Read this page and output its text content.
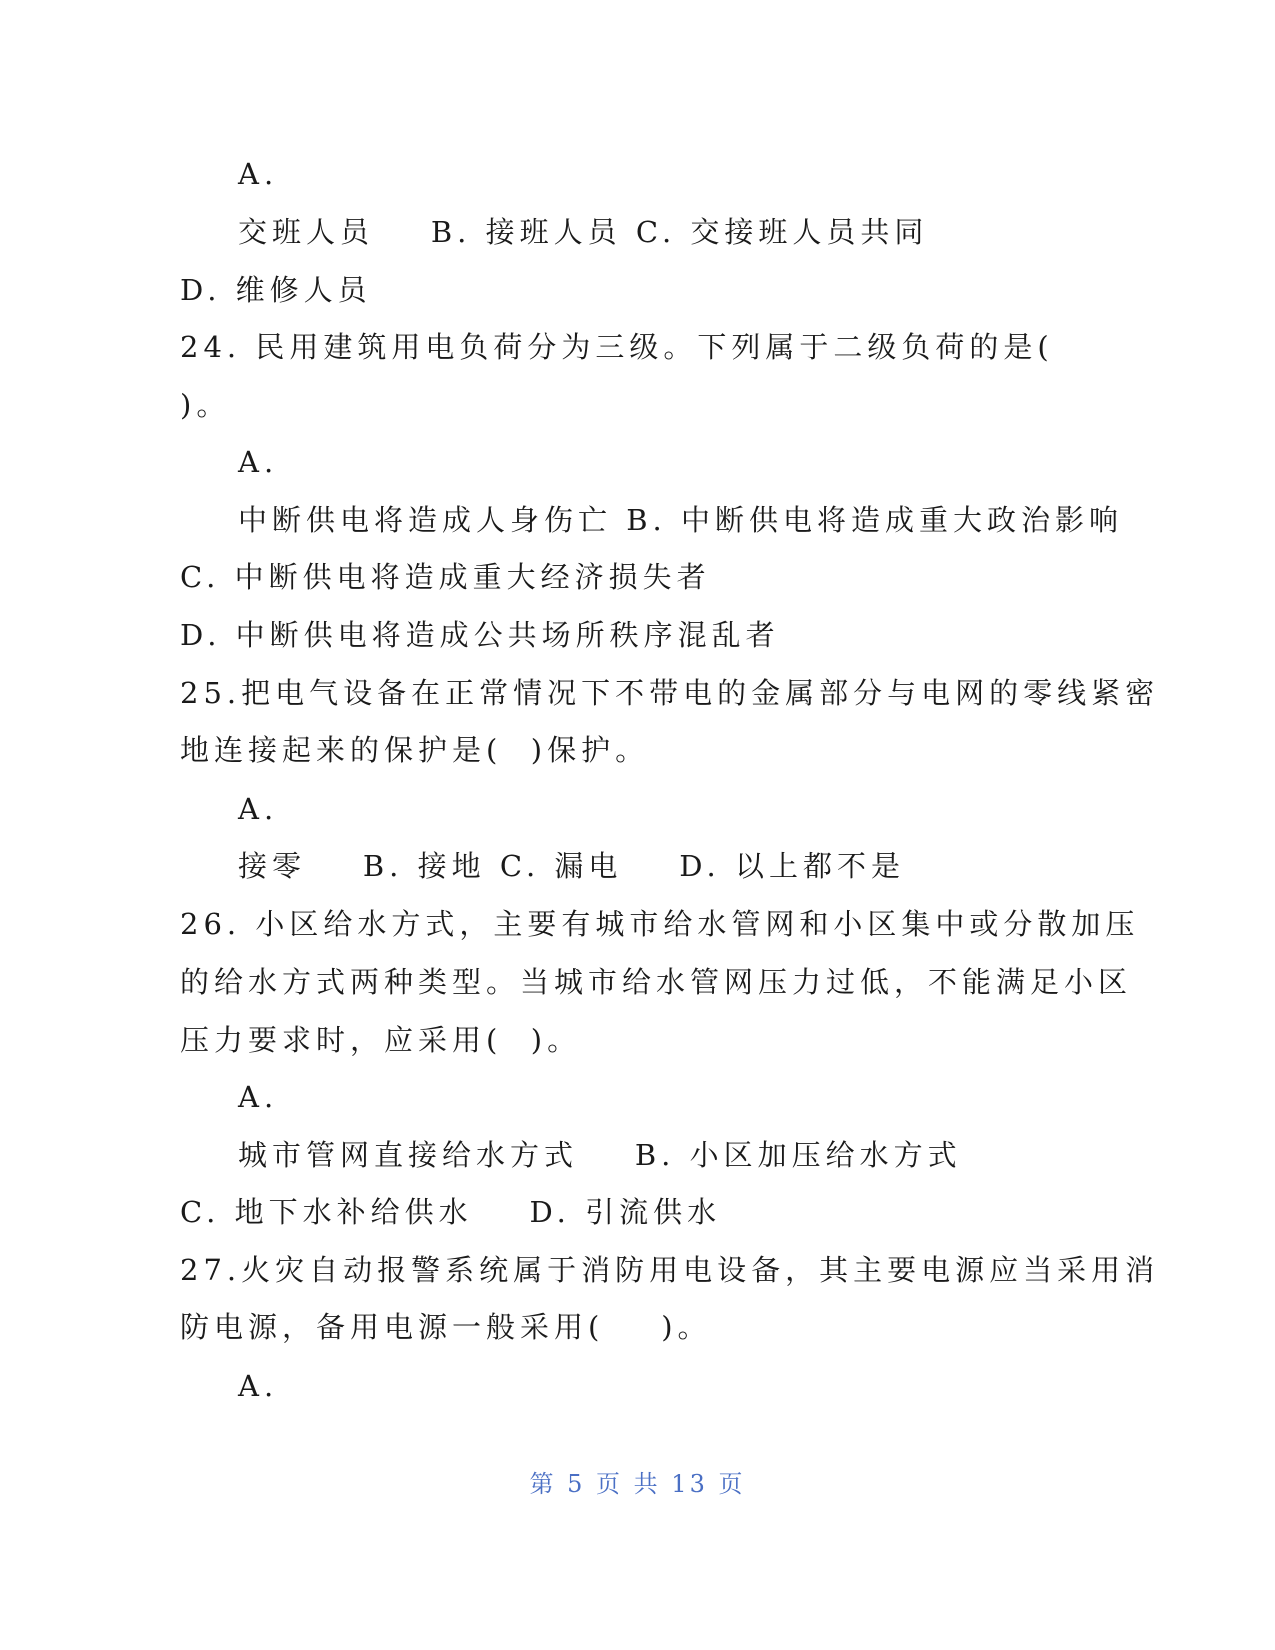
A.
交班人员    B. 接班人员 C. 交接班人员共同
D. 维修人员
24. 民用建筑用电负荷分为三级。下列属于二级负荷的是(
)。
A.
中断供电将造成人身伤亡 B. 中断供电将造成重大政治影响
C. 中断供电将造成重大经济损失者
D. 中断供电将造成公共场所秩序混乱者
25.把电气设备在正常情况下不带电的金属部分与电网的零线紧密
地连接起来的保护是(  )保护。
A.
接零    B. 接地 C. 漏电    D. 以上都不是
26. 小区给水方式，主要有城市给水管网和小区集中或分散加压
的给水方式两种类型。当城市给水管网压力过低，不能满足小区
压力要求时，应采用(  )。
A.
城市管网直接给水方式    B. 小区加压给水方式
C. 地下水补给供水    D. 引流供水
27.火灾自动报警系统属于消防用电设备，其主要电源应当采用消
防电源，备用电源一般采用(    )。
A.
第 5 页 共 13 页
